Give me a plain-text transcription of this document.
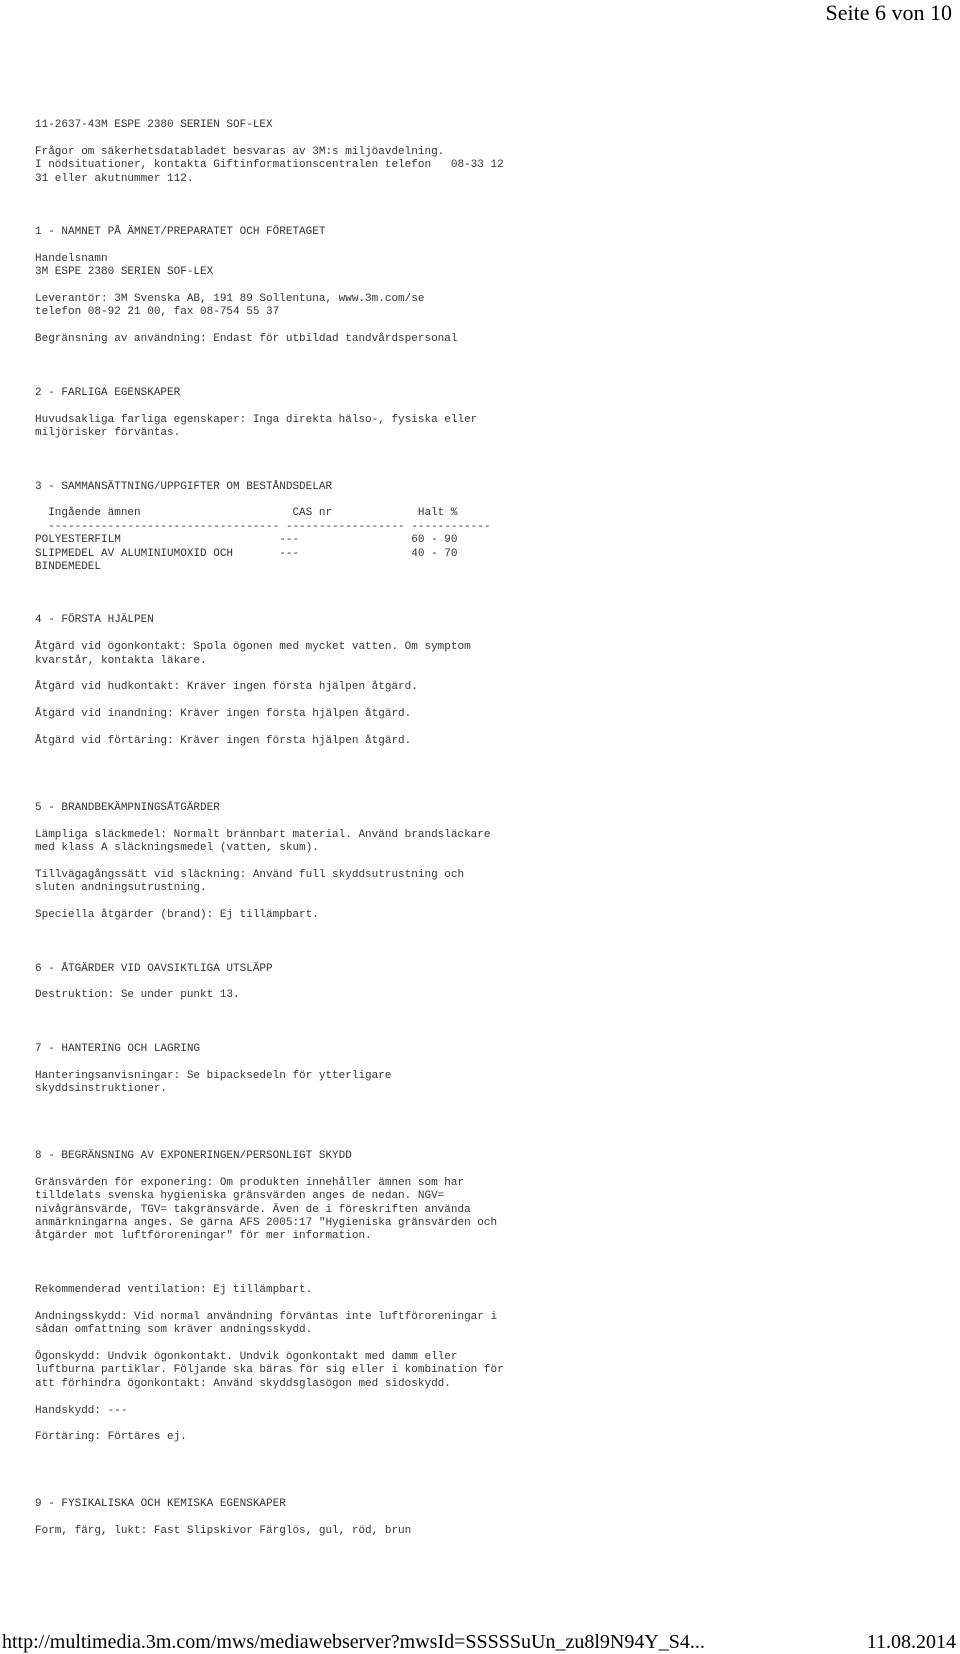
Seite 6 von 10
11-2637-43M ESPE 2380 SERIEN SOF-LEX
Frågor om säkerhetsdatabladet besvaras av 3M:s miljöavdelning.
I nödsituationer, kontakta Giftinformationscentralen telefon   08-33 12
31 eller akutnummer 112.
1 - NAMNET PÅ ÄMNET/PREPARATET OCH FÖRETAGET
Handelsnamn
3M ESPE 2380 SERIEN SOF-LEX
Leverantör: 3M Svenska AB, 191 89 Sollentuna, www.3m.com/se
telefon 08-92 21 00, fax 08-754 55 37
Begränsning av användning: Endast för utbildad tandvårdspersonal
2 - FARLIGA EGENSKAPER
Huvudsakliga farliga egenskaper: Inga direkta hälso-, fysiska eller
miljörisker förväntas.
3 - SAMMANSÄTTNING/UPPGIFTER OM BESTÅNDSDELAR
Ingående ämnen                       CAS nr             Halt %
----------------------------------- ------------------ ------------
POLYESTERFILM                        ---                 60 - 90
SLIPMEDEL AV ALUMINIUMOXID OCH       ---                 40 - 70
BINDEMEDEL
4 - FÖRSTA HJÄLPEN
Åtgärd vid ögonkontakt: Spola ögonen med mycket vatten. Om symptom
kvarstår, kontakta läkare.
Åtgärd vid hudkontakt: Kräver ingen första hjälpen åtgärd.
Åtgärd vid inandning: Kräver ingen första hjälpen åtgärd.
Åtgärd vid förtäring: Kräver ingen första hjälpen åtgärd.
5 - BRANDBEKÄMPNINGSÅTGÄRDER
Lämpliga släckmedel: Normalt brännbart material. Använd brandsläckare
med klass A släckningsmedel (vatten, skum).
Tillvägagångssätt vid släckning: Använd full skyddsutrustning och
sluten andningsutrustning.
Speciella åtgärder (brand): Ej tillämpbart.
6 - ÅTGÄRDER VID OAVSIKTLIGA UTSLÄPP
Destruktion: Se under punkt 13.
7 - HANTERING OCH LAGRING
Hanteringsanvisningar: Se bipacksedeln för ytterligare
skyddsinstruktioner.
8 - BEGRÄNSNING AV EXPONERINGEN/PERSONLIGT SKYDD
Gränsvärden för exponering: Om produkten innehåller ämnen som har
tilldelats svenska hygieniska gränsvärden anges de nedan. NGV=
nivågränsvärde, TGV= takgränsvärde. Även de i föreskriften använda
anmärkningarna anges. Se gärna AFS 2005:17 "Hygieniska gränsvärden och
åtgärder mot luftföroreningar" för mer information.
Rekommenderad ventilation: Ej tillämpbart.
Andningsskydd: Vid normal användning förväntas inte luftföroreningar i
sådan omfattning som kräver andningsskydd.
Ögonskydd: Undvik ögonkontakt. Undvik ögonkontakt med damm eller
luftburna partiklar. Följande ska bäras för sig eller i kombination för
att förhindra ögonkontakt: Använd skyddsglasögon med sidoskydd.
Handskydd: ---
Förtäring: Förtäres ej.
9 - FYSIKALISKA OCH KEMISKA EGENSKAPER
Form, färg, lukt: Fast Slipskivor Färglös, gul, röd, brun
http://multimedia.3m.com/mws/mediawebserver?mwsId=SSSSSuUn_zu8l9N94Y_S4...	11.08.2014
